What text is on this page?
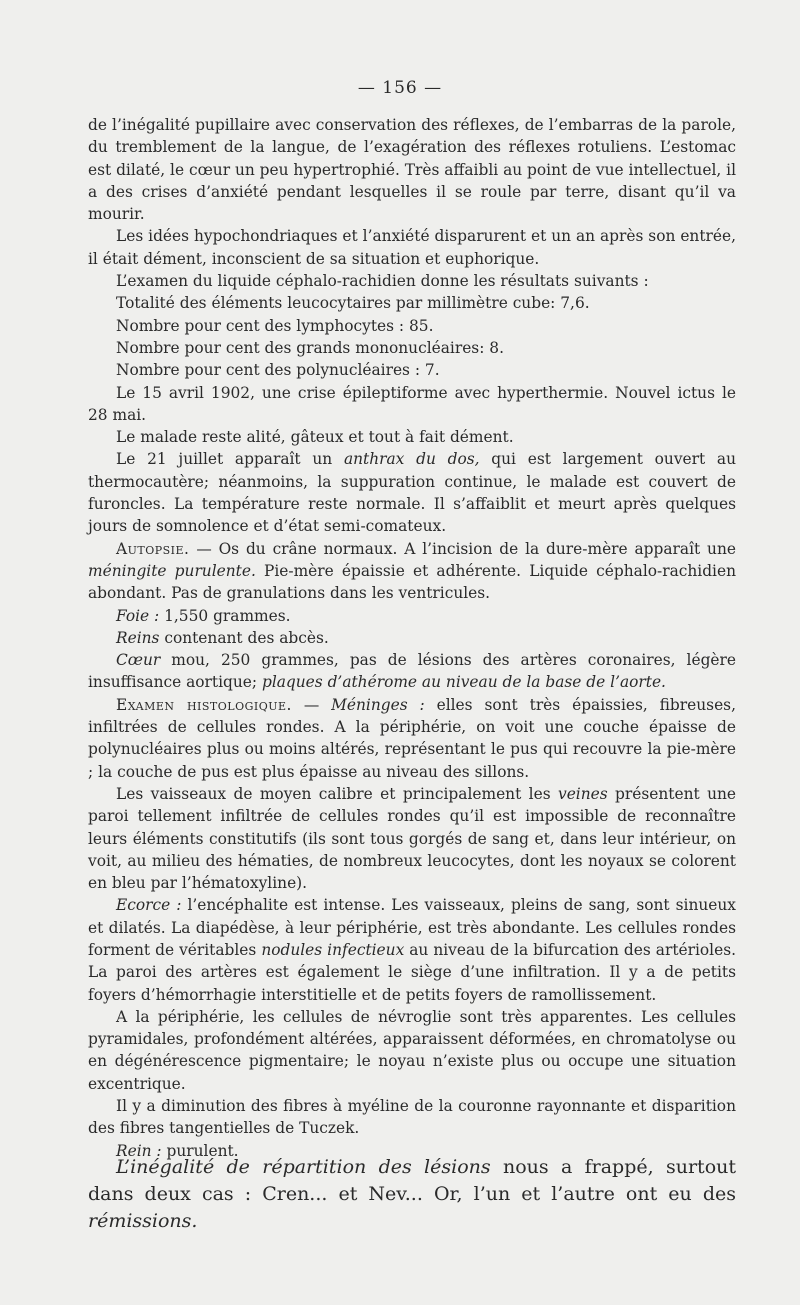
— 156 —

de l’inégalité pupillaire avec conservation des réflexes, de l’embarras de la parole, du tremblement de la langue, de l’exagération des réflexes rotuliens. L’estomac est dilaté, le cœur un peu hypertrophié. Très affaibli au point de vue intellectuel, il a des crises d’anxiété pendant lesquelles il se roule par terre, disant qu’il va mourir.

Les idées hypochondriaques et l’anxiété disparurent et un an après son entrée, il était dément, inconscient de sa situation et euphorique.

L’examen du liquide céphalo-rachidien donne les résultats suivants :

Totalité des éléments leucocytaires par millimètre cube: 7,6.

Nombre pour cent des lymphocytes : 85.

Nombre pour cent des grands mononucléaires: 8.

Nombre pour cent des polynucléaires : 7.

Le 15 avril 1902, une crise épileptiforme avec hyperthermie. Nouvel ictus le 28 mai.

Le malade reste alité, gâteux et tout à fait dément.

Le 21 juillet apparaît un anthrax du dos, qui est largement ouvert au thermocautère; néanmoins, la suppuration continue, le malade est couvert de furoncles. La température reste normale. Il s’affaiblit et meurt après quelques jours de somnolence et d’état semi-comateux.

Autopsie. — Os du crâne normaux. A l’incision de la dure-mère apparaît une méningite purulente. Pie-mère épaissie et adhérente. Liquide céphalo-rachidien abondant. Pas de granulations dans les ventricules.

Foie : 1,550 grammes.

Reins contenant des abcès.

Cœur mou, 250 grammes, pas de lésions des artères coronaires, légère insuffisance aortique; plaques d’athérome au niveau de la base de l’aorte.

Examen histologique. — Méninges : elles sont très épaissies, fibreuses, infiltrées de cellules rondes. A la périphérie, on voit une couche épaisse de polynucléaires plus ou moins altérés, représentant le pus qui recouvre la pie-mère ; la couche de pus est plus épaisse au niveau des sillons.

Les vaisseaux de moyen calibre et principalement les veines présentent une paroi tellement infiltrée de cellules rondes qu’il est impossible de reconnaître leurs éléments constitutifs (ils sont tous gorgés de sang et, dans leur intérieur, on voit, au milieu des hématies, de nombreux leucocytes, dont les noyaux se colorent en bleu par l’hématoxyline).

Ecorce : l’encéphalite est intense. Les vaisseaux, pleins de sang, sont sinueux et dilatés. La diapédèse, à leur périphérie, est très abondante. Les cellules rondes forment de véritables nodules infectieux au niveau de la bifurcation des artérioles. La paroi des artères est également le siège d’une infiltration. Il y a de petits foyers d’hémorrhagie interstitielle et de petits foyers de ramollissement.

A la périphérie, les cellules de névroglie sont très apparentes. Les cellules pyramidales, profondément altérées, apparaissent déformées, en chromatolyse ou en dégénérescence pigmentaire; le noyau n’existe plus ou occupe une situation excentrique.

Il y a diminution des fibres à myéline de la couronne rayonnante et disparition des fibres tangentielles de Tuczek.

Rein : purulent.

L’inégalité de répartition des lésions nous a frappé, surtout dans deux cas : Cren... et Nev... Or, l’un et l’autre ont eu des rémissions.
